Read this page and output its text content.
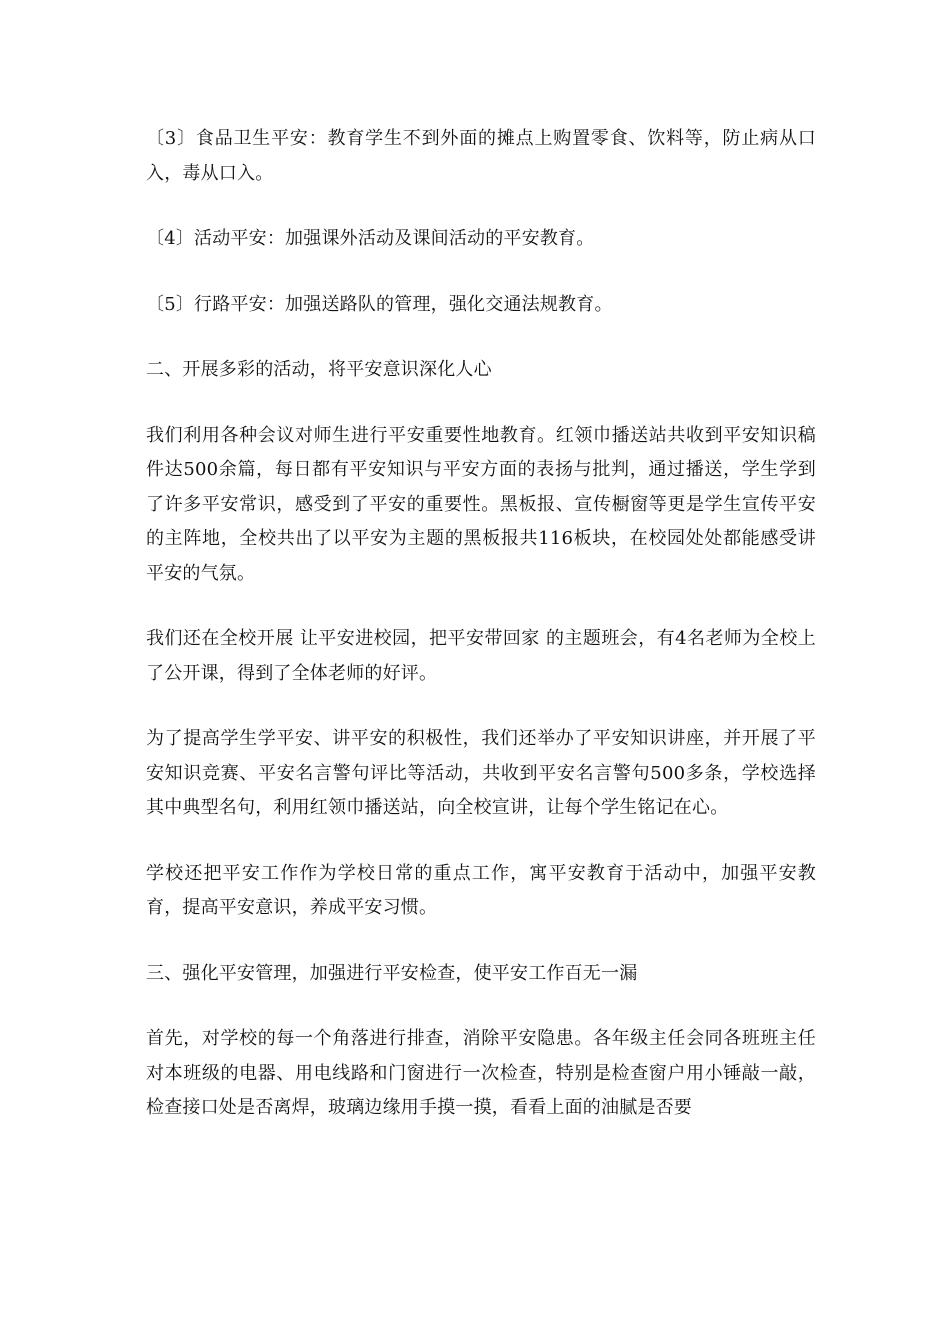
〔3〕食品卫生平安：教育学生不到外面的摊点上购置零食、饮料等，防止病从口入，毒从口入。

〔4〕活动平安：加强课外活动及课间活动的平安教育。

〔5〕行路平安：加强送路队的管理，强化交通法规教育。

二、开展多彩的活动，将平安意识深化人心

我们利用各种会议对师生进行平安重要性地教育。红领巾播送站共收到平安知识稿件达500余篇，每日都有平安知识与平安方面的表扬与批判，通过播送，学生学到了许多平安常识，感受到了平安的重要性。黑板报、宣传橱窗等更是学生宣传平安的主阵地，全校共出了以平安为主题的黑板报共116板块，在校园处处都能感受讲平安的气氛。

我们还在全校开展 让平安进校园，把平安带回家 的主题班会，有4名老师为全校上了公开课，得到了全体老师的好评。

为了提高学生学平安、讲平安的积极性，我们还举办了平安知识讲座，并开展了平安知识竞赛、平安名言警句评比等活动，共收到平安名言警句500多条，学校选择其中典型名句，利用红领巾播送站，向全校宣讲，让每个学生铭记在心。

学校还把平安工作作为学校日常的重点工作，寓平安教育于活动中，加强平安教育，提高平安意识，养成平安习惯。

三、强化平安管理，加强进行平安检查，使平安工作百无一漏

首先，对学校的每一个角落进行排查，消除平安隐患。各年级主任会同各班班主任对本班级的电器、用电线路和门窗进行一次检查，特别是检查窗户用小锤敲一敲，检查接口处是否离焊，玻璃边缘用手摸一摸，看看上面的油腻是否要
